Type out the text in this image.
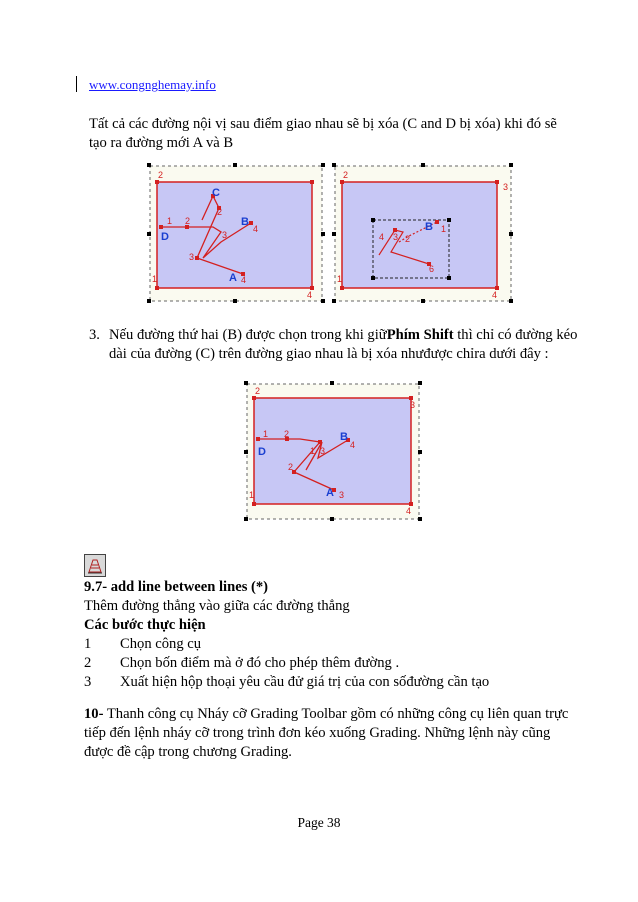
www.congnghemay.info
Tất cả các đường nội vị sau điểm giao nhau sẽ bị xóa (C and D bị xóa) khi đó sẽ
tạo ra đường mới A và B
2
C
2
1 2
D
B
3
4
3
1	A 4
4
2
3
B 1
4 2
3
6
1
4
3. Nếu đường thứ hai (B) được chọn trong khi giữPhím Shift thì chỉ có đường kéo
dài của đường (C) trên đường giao nhau là bị xóa nhưđược chỉra dưới đây :
2
3
1 2
D
B
4
1 3
2
1	A 3
4
9.7- add line between lines (*)
Thêm đường thẳng vào giữa các đường thẳng
Các bước thực hiện
1 Chọn công cụ
2 Chọn bốn điểm mà ở đó cho phép thêm đường .
3 Xuất hiện hộp thoại yêu cầu đử giá trị của con sốđường cần tạo
10- Thanh công cụ Nháy cỡ Grading Toolbar gồm có những công cụ liên quan trực
tiếp đến lệnh nháy cỡ trong trình đơn kéo xuống Grading. Những lệnh này cũng
được đề cập trong chương Grading.
Page 38
